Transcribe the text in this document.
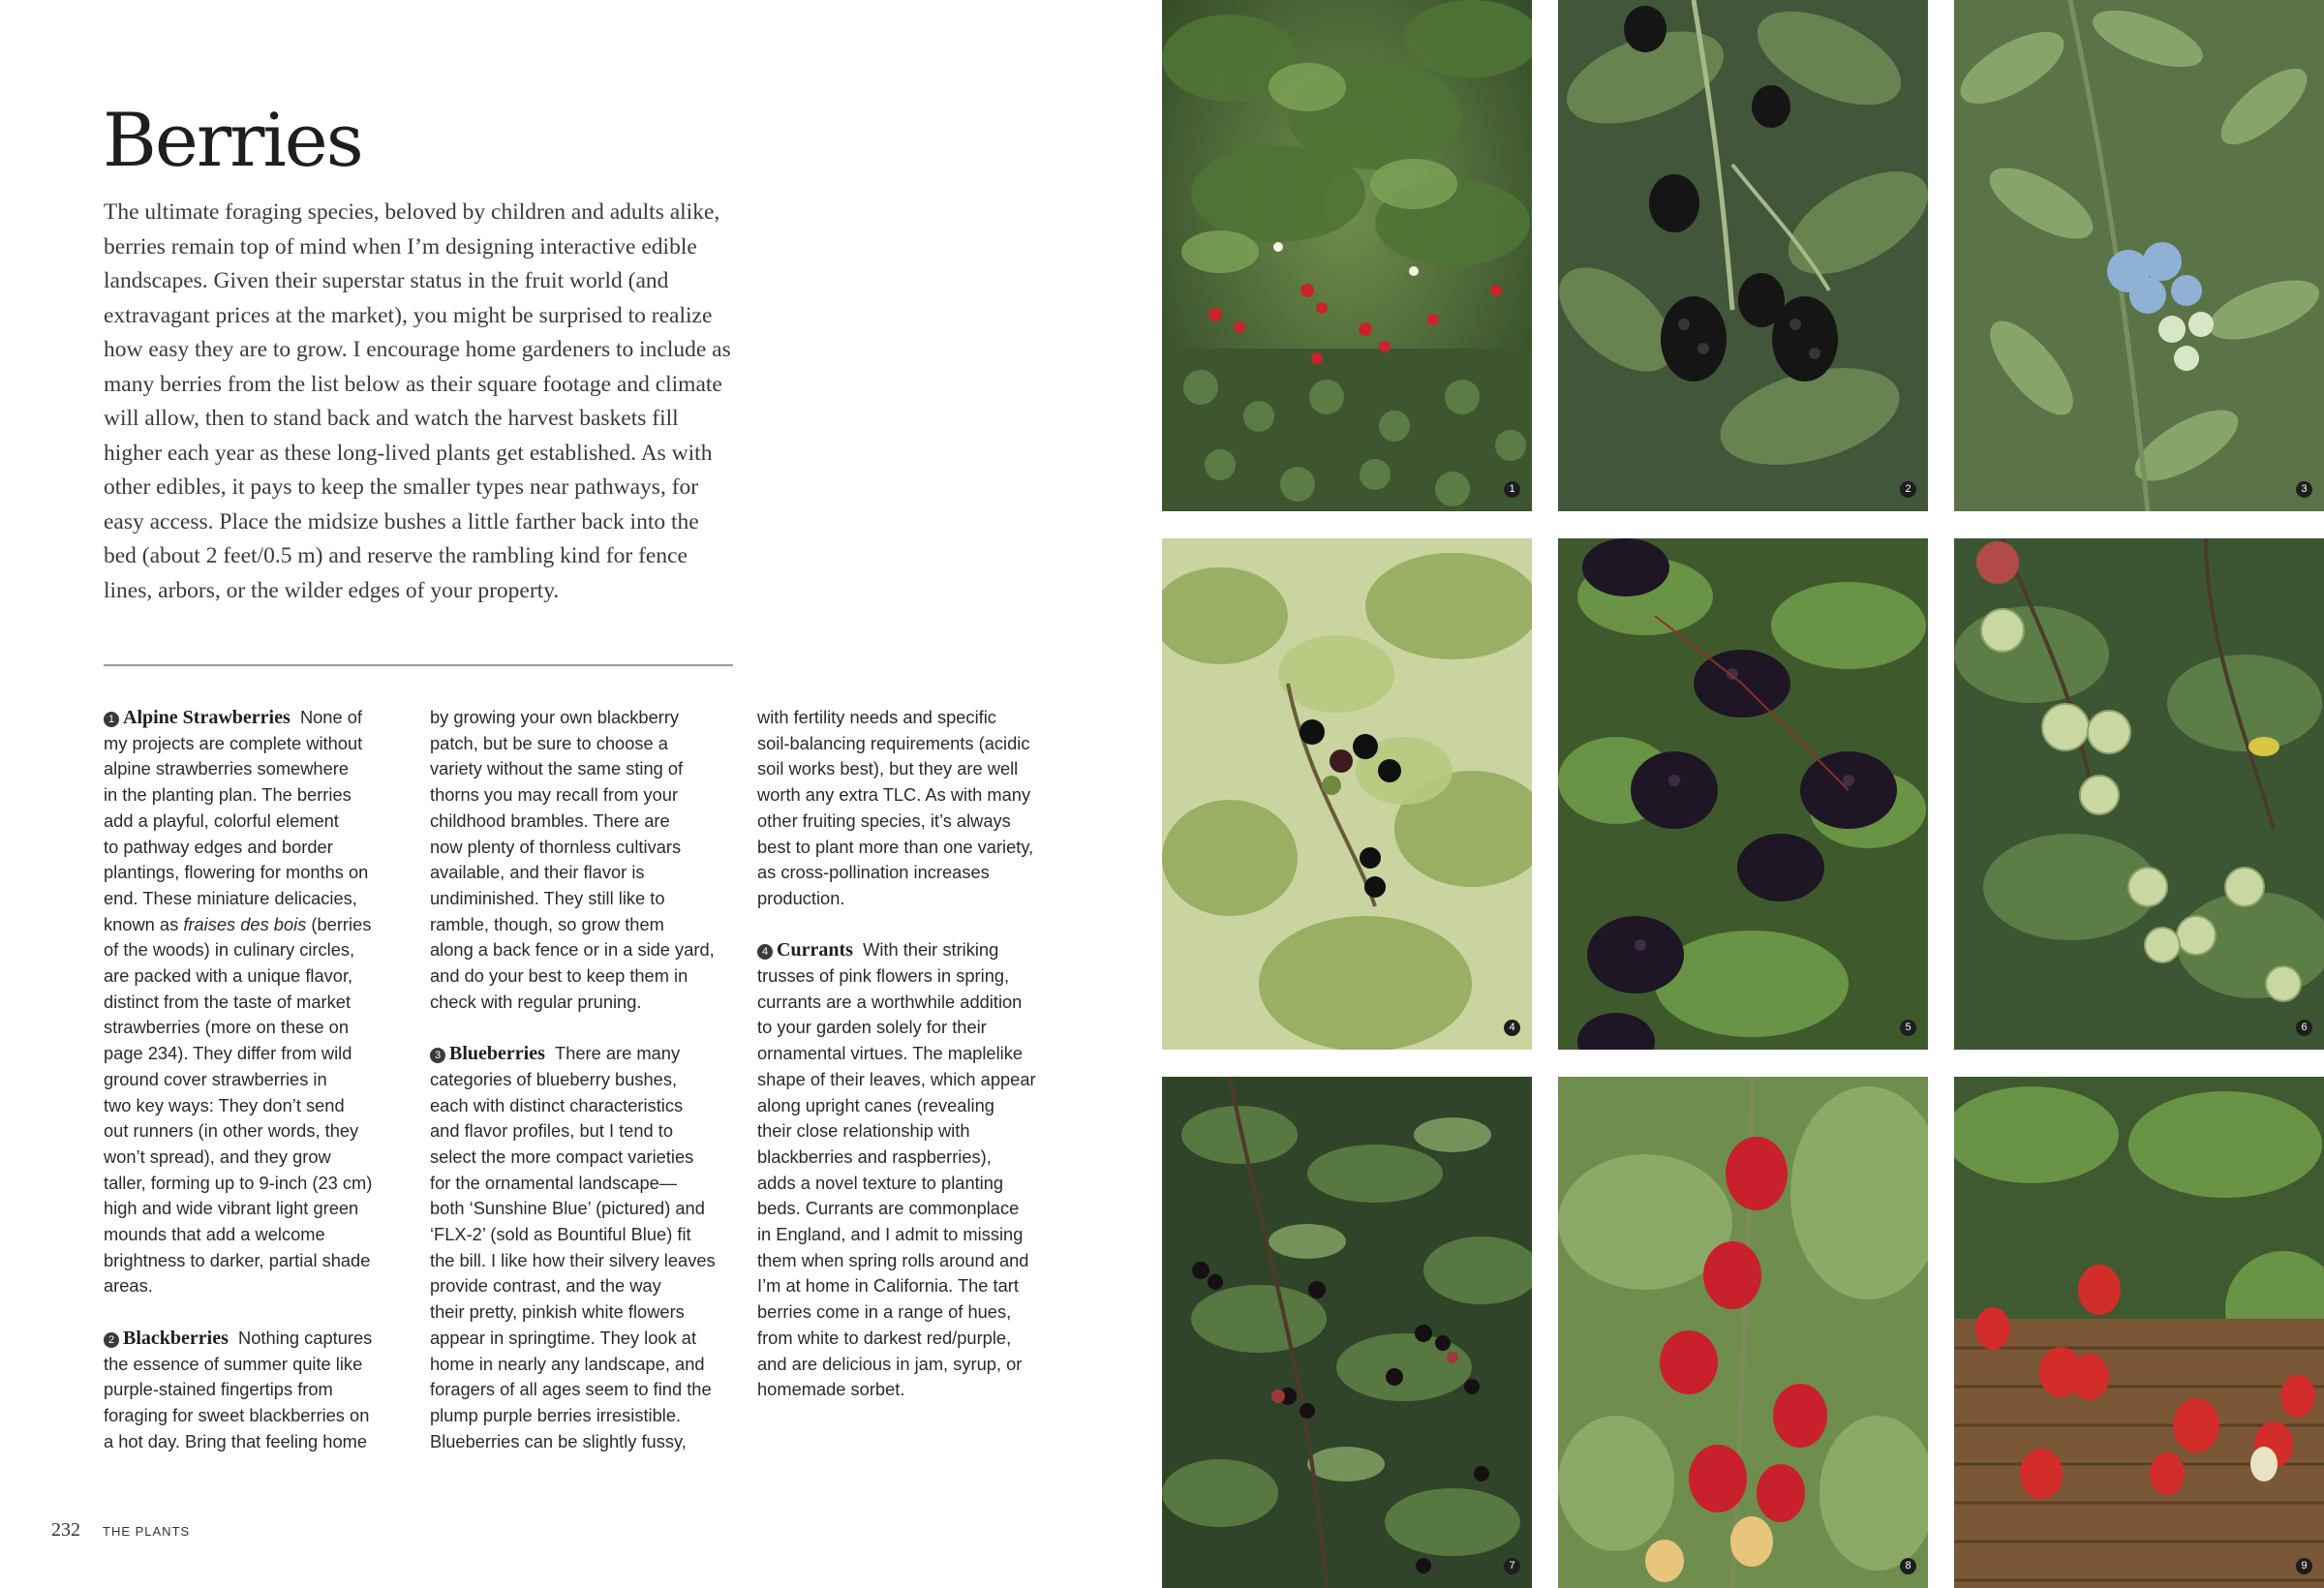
Berries

The ultimate foraging species, beloved by children and adults alike, berries remain top of mind when I’m designing interactive edible landscapes. Given their superstar status in the fruit world (and extravagant prices at the market), you might be surprised to realize how easy they are to grow. I encourage home gardeners to include as many berries from the list below as their square footage and climate will allow, then to stand back and watch the harvest baskets fill higher each year as these long-lived plants get established. As with other edibles, it pays to keep the smaller types near pathways, for easy access. Place the midsize bushes a little farther back into the bed (about 2 feet/0.5 m) and reserve the rambling kind for fence lines, arbors, or the wilder edges of your property.

1 Alpine Strawberries None of
my projects are complete without
alpine strawberries somewhere
in the planting plan. The berries
add a playful, colorful element
to pathway edges and border
plantings, flowering for months on
end. These miniature delicacies,
known as fraises des bois (berries
of the woods) in culinary circles,
are packed with a unique flavor,
distinct from the taste of market
strawberries (more on these on
page 234). They differ from wild
ground cover strawberries in
two key ways: They don’t send
out runners (in other words, they
won’t spread), and they grow
taller, forming up to 9-inch (23 cm)
high and wide vibrant light green
mounds that add a welcome
brightness to darker, partial shade
areas.

2 Blackberries Nothing captures
the essence of summer quite like
purple-stained fingertips from
foraging for sweet blackberries on
a hot day. Bring that feeling home

by growing your own blackberry
patch, but be sure to choose a
variety without the same sting of
thorns you may recall from your
childhood brambles. There are
now plenty of thornless cultivars
available, and their flavor is
undiminished. They still like to
ramble, though, so grow them
along a back fence or in a side yard,
and do your best to keep them in
check with regular pruning.

3 Blueberries There are many
categories of blueberry bushes,
each with distinct characteristics
and flavor profiles, but I tend to
select the more compact varieties
for the ornamental landscape—
both ‘Sunshine Blue’ (pictured) and
‘FLX-2’ (sold as Bountiful Blue) fit
the bill. I like how their silvery leaves
provide contrast, and the way
their pretty, pinkish white flowers
appear in springtime. They look at
home in nearly any landscape, and
foragers of all ages seem to find the
plump purple berries irresistible.
Blueberries can be slightly fussy,

with fertility needs and specific
soil-balancing requirements (acidic
soil works best), but they are well
worth any extra TLC. As with many
other fruiting species, it’s always
best to plant more than one variety,
as cross-pollination increases
production.

4 Currants With their striking
trusses of pink flowers in spring,
currants are a worthwhile addition
to your garden solely for their
ornamental virtues. The maplelike
shape of their leaves, which appear
along upright canes (revealing
their close relationship with
blackberries and raspberries),
adds a novel texture to planting
beds. Currants are commonplace
in England, and I admit to missing
them when spring rolls around and
I’m at home in California. The tart
berries come in a range of hues,
from white to darkest red/purple,
and are delicious in jam, syrup, or
homemade sorbet.

232 THE PLANTS
1	2	3
4	5	6
7	8	9
